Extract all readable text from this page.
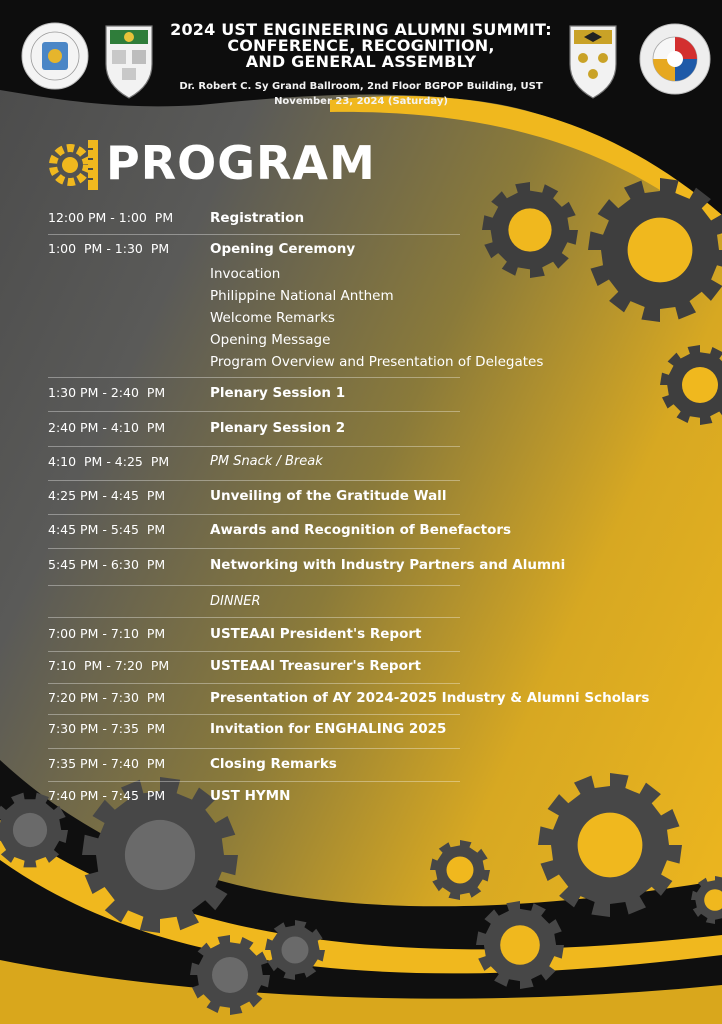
2024 UST ENGINEERING ALUMNI SUMMIT:
CONFERENCE, RECOGNITION,
AND GENERAL ASSEMBLY
Dr. Robert C. Sy Grand Ballroom, 2nd Floor BGPOP Building, UST
November 23, 2024 (Saturday)
PROGRAM
12:00 PM - 1:00  PM	Registration
1:00  PM - 1:30  PM	Opening Ceremony
Invocation
Philippine National Anthem
Welcome Remarks
Opening Message
Program Overview and Presentation of Delegates
1:30 PM - 2:40  PM	Plenary Session 1
2:40 PM - 4:10  PM	Plenary Session 2
4:10  PM - 4:25  PM	PM Snack / Break
4:25 PM - 4:45  PM	Unveiling of the Gratitude Wall
4:45 PM - 5:45  PM	Awards and Recognition of Benefactors
5:45 PM - 6:30  PM	Networking with Industry Partners and Alumni
DINNER
7:00 PM - 7:10  PM	USTEAAI President's Report
7:10  PM - 7:20  PM	USTEAAI Treasurer's Report
7:20 PM - 7:30  PM	Presentation of AY 2024-2025 Industry & Alumni Scholars
7:30 PM - 7:35  PM	Invitation for ENGHALING 2025
7:35 PM - 7:40  PM	Closing Remarks
7:40 PM - 7:45  PM	UST HYMN
